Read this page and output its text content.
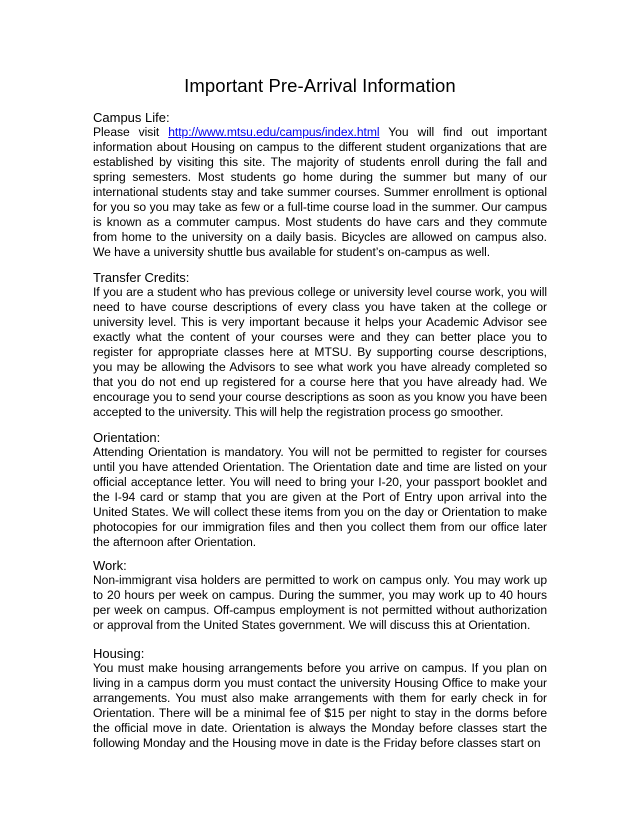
Important Pre-Arrival Information
Campus Life:

Please visit http://www.mtsu.edu/campus/index.html You will find out important information about Housing on campus to the different student organizations that are established by visiting this site. The majority of students enroll during the fall and spring semesters. Most students go home during the summer but many of our international students stay and take summer courses. Summer enrollment is optional for you so you may take as few or a full-time course load in the summer. Our campus is known as a commuter campus. Most students do have cars and they commute from home to the university on a daily basis. Bicycles are allowed on campus also. We have a university shuttle bus available for student’s on-campus as well.

Transfer Credits:

If you are a student who has previous college or university level course work, you will need to have course descriptions of every class you have taken at the college or university level. This is very important because it helps your Academic Advisor see exactly what the content of your courses were and they can better place you to register for appropriate classes here at MTSU. By supporting course descriptions, you may be allowing the Advisors to see what work you have already completed so that you do not end up registered for a course here that you have already had. We encourage you to send your course descriptions as soon as you know you have been accepted to the university. This will help the registration process go smoother.

Orientation:

Attending Orientation is mandatory. You will not be permitted to register for courses until you have attended Orientation. The Orientation date and time are listed on your official acceptance letter. You will need to bring your I-20, your passport booklet and the I-94 card or stamp that you are given at the Port of Entry upon arrival into the United States. We will collect these items from you on the day or Orientation to make photocopies for our immigration files and then you collect them from our office later the afternoon after Orientation.

Work:

Non-immigrant visa holders are permitted to work on campus only. You may work up to 20 hours per week on campus. During the summer, you may work up to 40 hours per week on campus. Off-campus employment is not permitted without authorization or approval from the United States government. We will discuss this at Orientation.

Housing:

You must make housing arrangements before you arrive on campus. If you plan on living in a campus dorm you must contact the university Housing Office to make your arrangements. You must also make arrangements with them for early check in for Orientation. There will be a minimal fee of $15 per night to stay in the dorms before the official move in date. Orientation is always the Monday before classes start the following Monday and the Housing move in date is the Friday before classes start on
